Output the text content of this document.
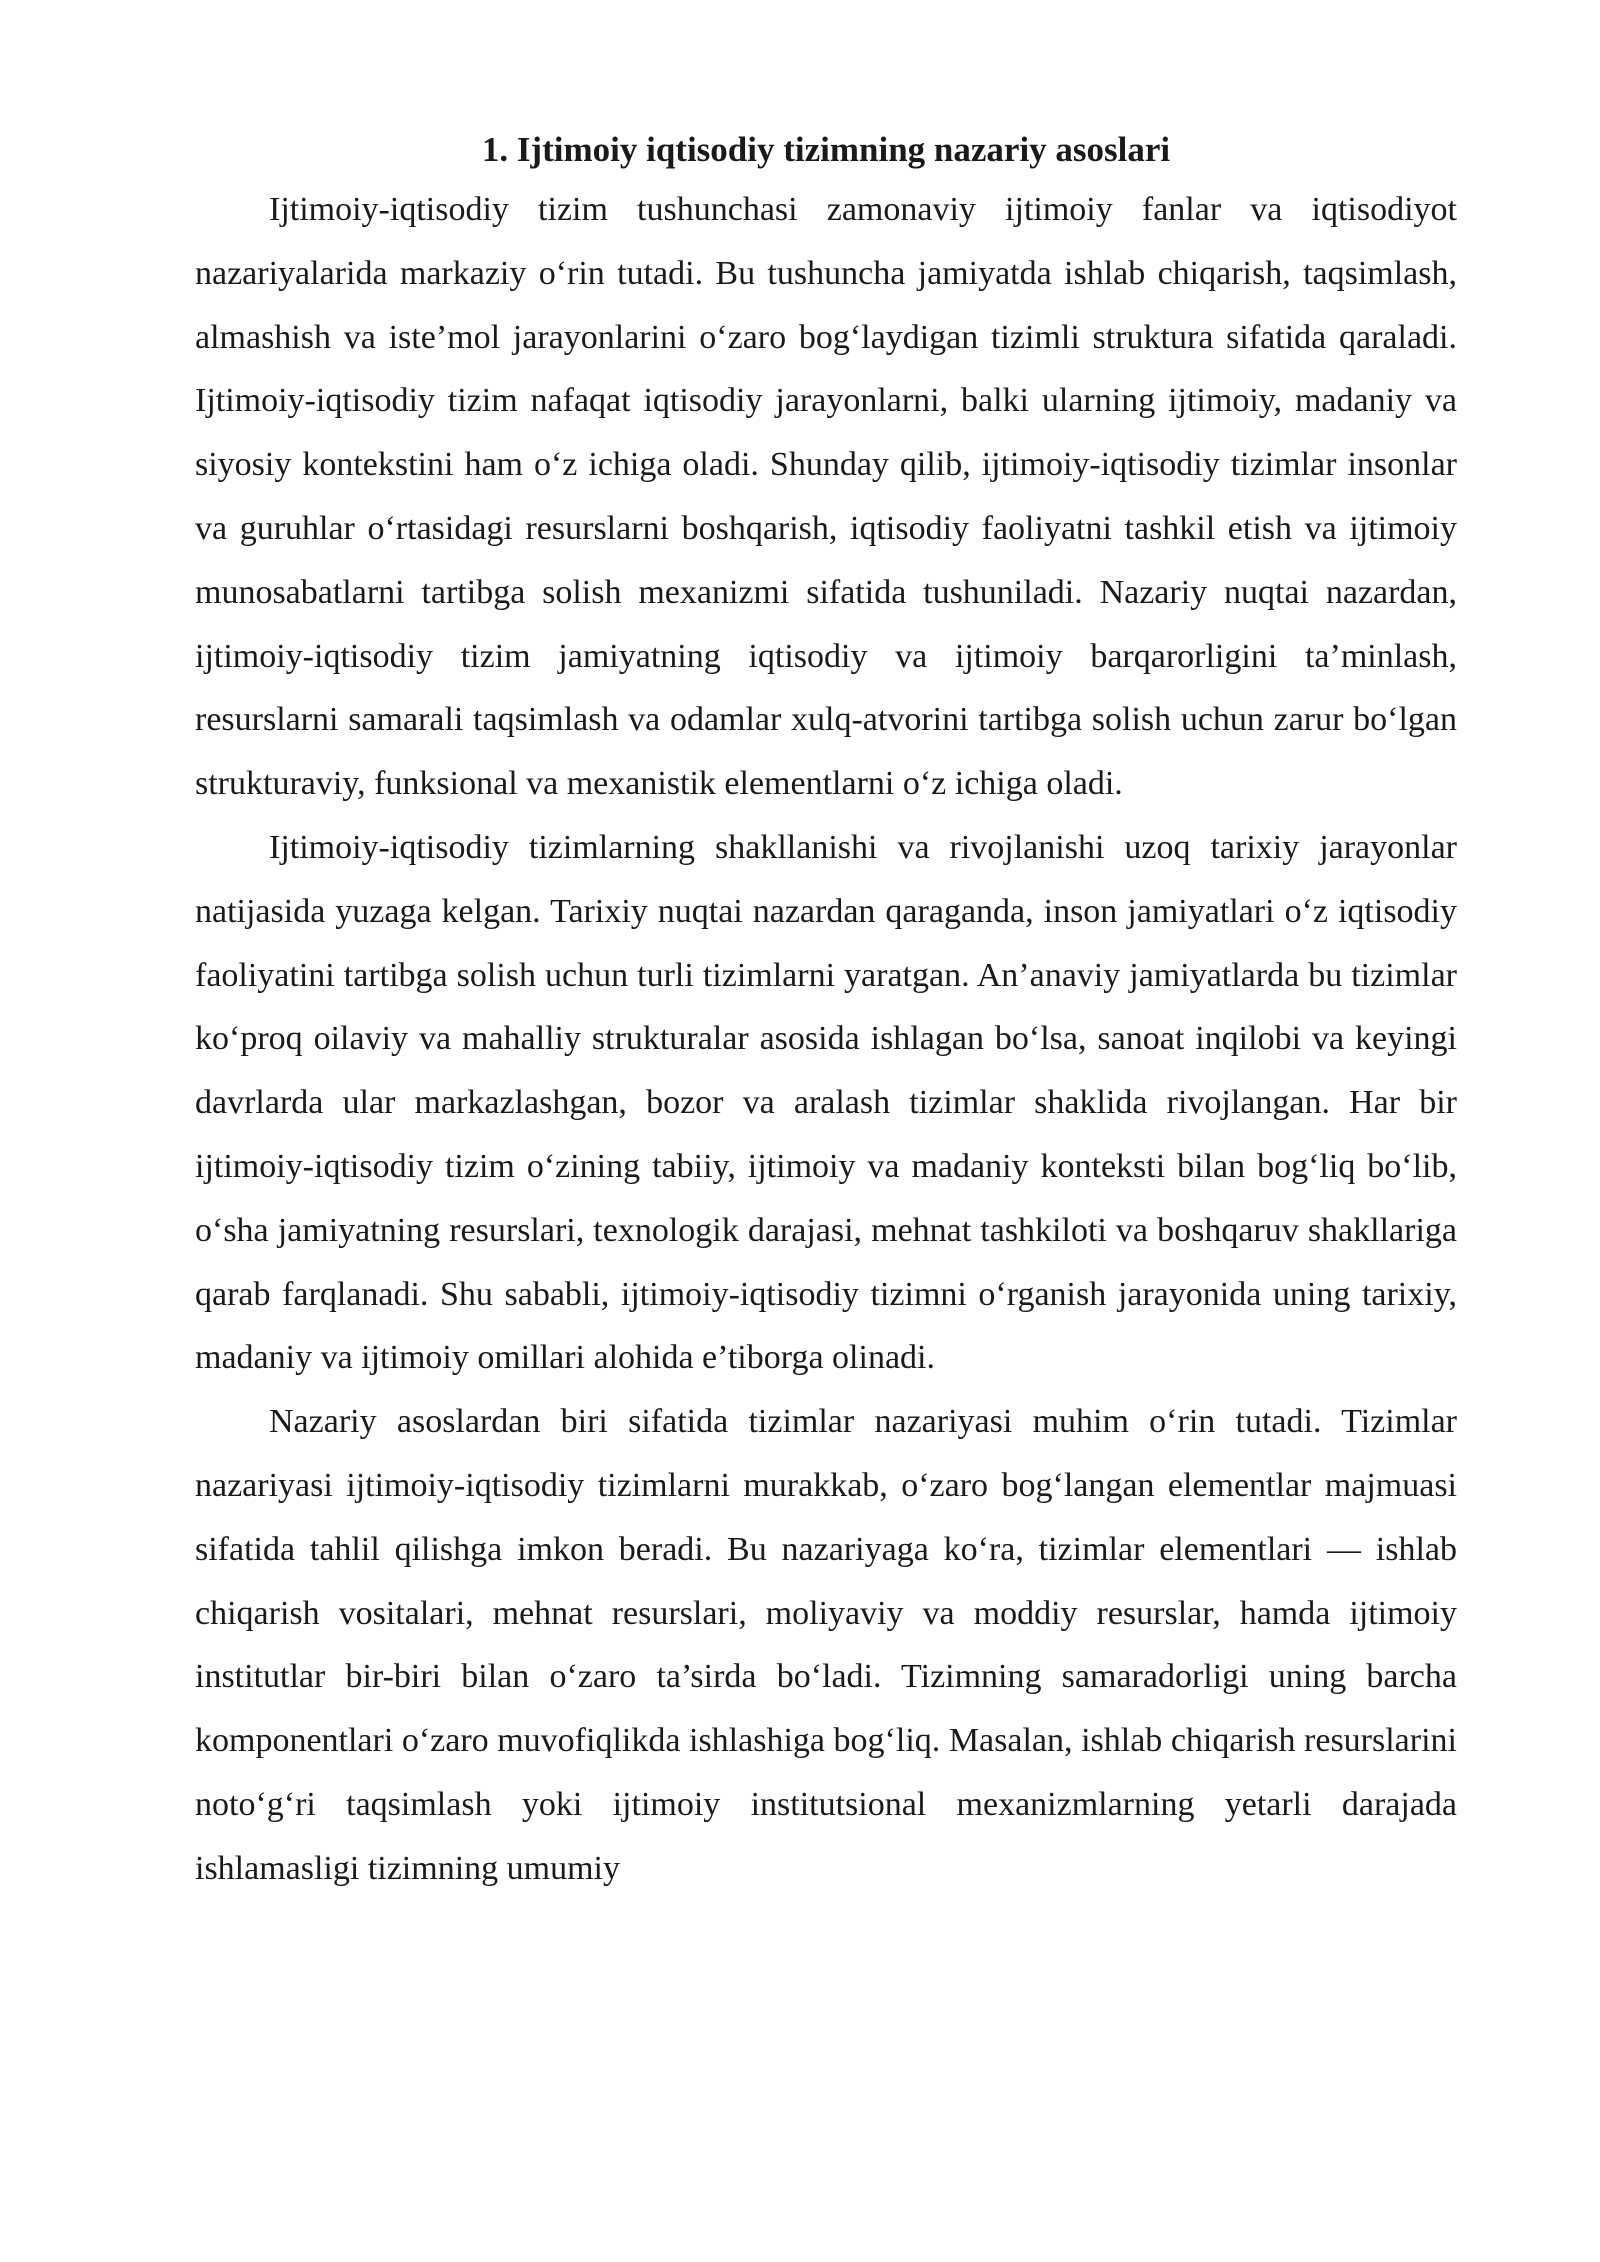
1. Ijtimoiy iqtisodiy tizimning nazariy asoslari

Ijtimoiy-iqtisodiy tizim tushunchasi zamonaviy ijtimoiy fanlar va iqtisodiyot nazariyalarida markaziy o‘rin tutadi. Bu tushuncha jamiyatda ishlab chiqarish, taqsimlash, almashish va iste’mol jarayonlarini o‘zaro bog‘laydigan tizimli struktura sifatida qaraladi. Ijtimoiy-iqtisodiy tizim nafaqat iqtisodiy jarayonlarni, balki ularning ijtimoiy, madaniy va siyosiy kontekstini ham o‘z ichiga oladi. Shunday qilib, ijtimoiy-iqtisodiy tizimlar insonlar va guruhlar o‘rtasidagi resurslarni boshqarish, iqtisodiy faoliyatni tashkil etish va ijtimoiy munosabatlarni tartibga solish mexanizmi sifatida tushuniladi. Nazariy nuqtai nazardan, ijtimoiy-iqtisodiy tizim jamiyatning iqtisodiy va ijtimoiy barqarorligini ta’minlash, resurslarni samarali taqsimlash va odamlar xulq-atvorini tartibga solish uchun zarur bo‘lgan strukturaviy, funksional va mexanistik elementlarni o‘z ichiga oladi.

Ijtimoiy-iqtisodiy tizimlarning shakllanishi va rivojlanishi uzoq tarixiy jarayonlar natijasida yuzaga kelgan. Tarixiy nuqtai nazardan qaraganda, inson jamiyatlari o‘z iqtisodiy faoliyatini tartibga solish uchun turli tizimlarni yaratgan. An’anaviy jamiyatlarda bu tizimlar ko‘proq oilaviy va mahalliy strukturalar asosida ishlagan bo‘lsa, sanoat inqilobi va keyingi davrlarda ular markazlashgan, bozor va aralash tizimlar shaklida rivojlangan. Har bir ijtimoiy-iqtisodiy tizim o‘zining tabiiy, ijtimoiy va madaniy konteksti bilan bog‘liq bo‘lib, o‘sha jamiyatning resurslari, texnologik darajasi, mehnat tashkiloti va boshqaruv shakllariga qarab farqlanadi. Shu sababli, ijtimoiy-iqtisodiy tizimni o‘rganish jarayonida uning tarixiy, madaniy va ijtimoiy omillari alohida e’tiborga olinadi.

Nazariy asoslardan biri sifatida tizimlar nazariyasi muhim o‘rin tutadi. Tizimlar nazariyasi ijtimoiy-iqtisodiy tizimlarni murakkab, o‘zaro bog‘langan elementlar majmuasi sifatida tahlil qilishga imkon beradi. Bu nazariyaga ko‘ra, tizimlar elementlari — ishlab chiqarish vositalari, mehnat resurslari, moliyaviy va moddiy resurslar, hamda ijtimoiy institutlar bir-biri bilan o‘zaro ta’sirda bo‘ladi. Tizimning samaradorligi uning barcha komponentlari o‘zaro muvofiqlikda ishlashiga bog‘liq. Masalan, ishlab chiqarish resurslarini noto‘g‘ri taqsimlash yoki ijtimoiy institutsional mexanizmlarning yetarli darajada ishlamasligi tizimning umumiy
